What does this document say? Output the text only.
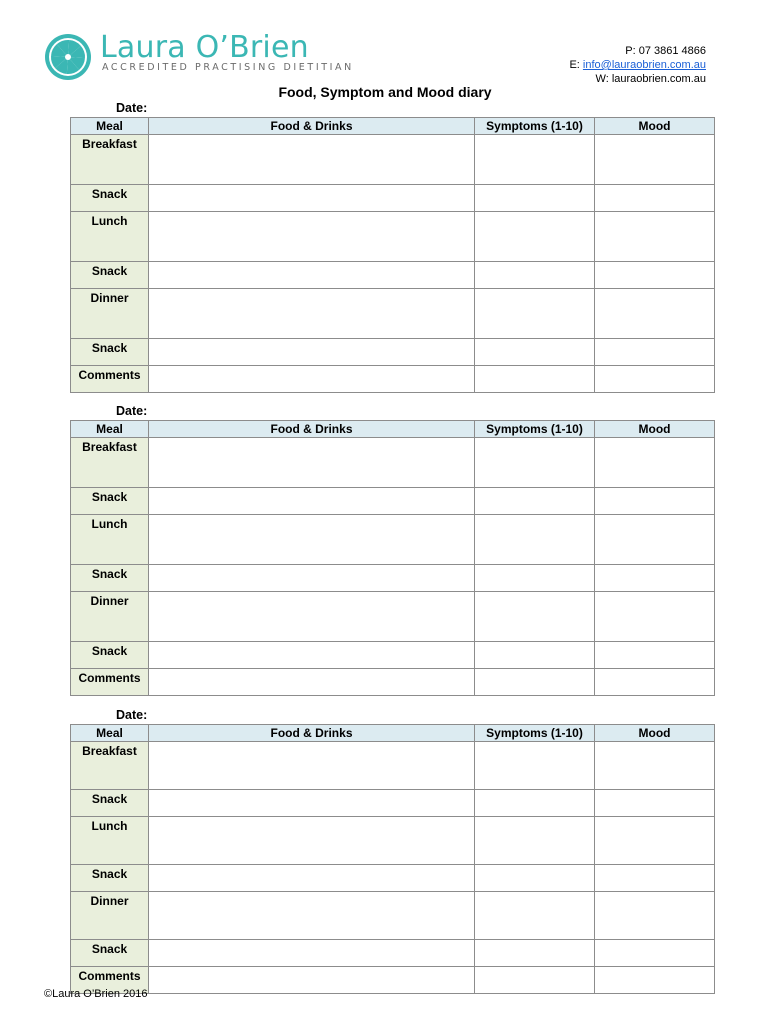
Laura O’Brien
ACCREDITED PRACTISING DIETITIAN
P: 07 3861 4866
E: info@lauraobrien.com.au
W: lauraobrien.com.au
Food, Symptom and Mood diary
Date:
Meal	Food & Drinks	Symptoms (1-10)	Mood
Breakfast			
Snack			
Lunch			
Snack			
Dinner			
Snack			
Comments			
Date:
Meal	Food & Drinks	Symptoms (1-10)	Mood
Breakfast			
Snack			
Lunch			
Snack			
Dinner			
Snack			
Comments			
Date:
Meal	Food & Drinks	Symptoms (1-10)	Mood
Breakfast			
Snack			
Lunch			
Snack			
Dinner			
Snack			
Comments			
©Laura O’Brien 2016
